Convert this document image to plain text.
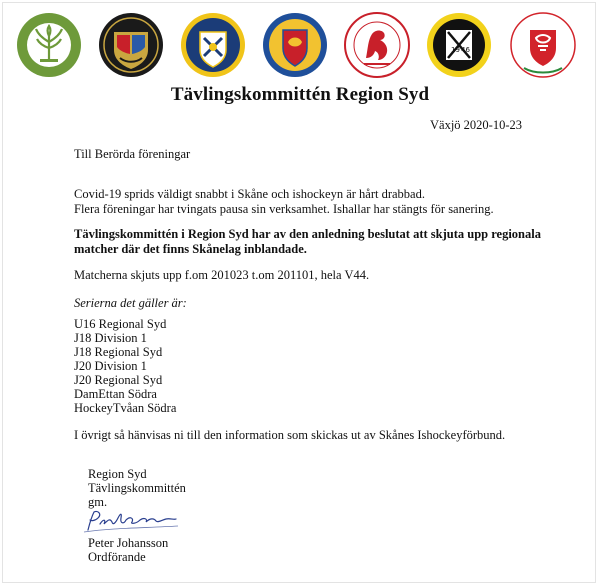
19 46
Tävlingskommittén Region Syd
Växjö 2020-10-23
Till Berörda föreningar
Covid-19 sprids väldigt snabbt i Skåne och ishockeyn är hårt drabbad.
Flera föreningar har tvingats pausa sin verksamhet. Ishallar har stängts för sanering.
Tävlingskommittén i Region Syd har av den anledning beslutat att skjuta upp regionala
matcher där det finns Skånelag inblandade.
Matcherna skjuts upp f.om 201023 t.om 201101, hela V44.
Serierna det gäller är:
U16 Regional Syd
J18 Division 1
J18 Regional Syd
J20 Division 1
J20 Regional Syd
DamEttan Södra
HockeyTvåan Södra
I övrigt så hänvisas ni till den information som skickas ut av Skånes Ishockeyförbund.
Region Syd
Tävlingskommittén
gm.
Peter Johansson
Ordförande
